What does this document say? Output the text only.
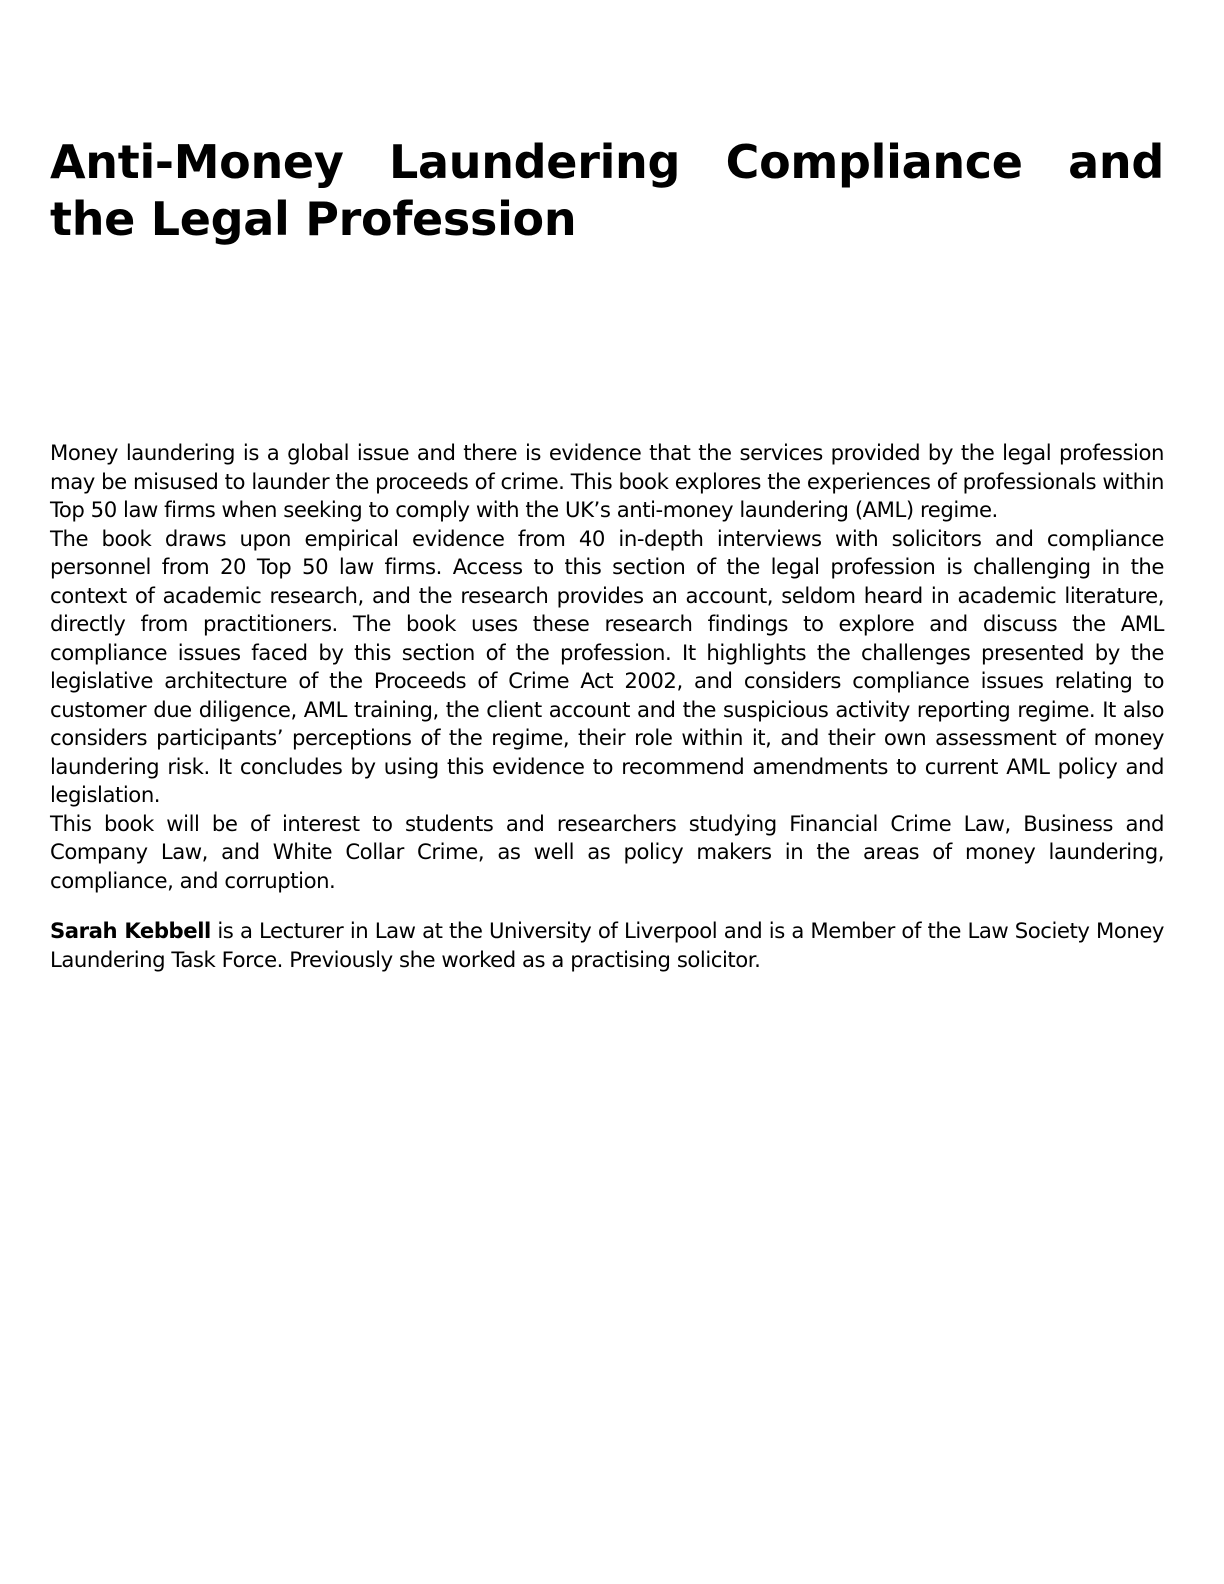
Anti-Money Laundering Compliance and the Legal Profession

Money laundering is a global issue and there is evidence that the services provided by the legal profession may be misused to launder the proceeds of crime. This book explores the experiences of professionals within Top 50 law firms when seeking to comply with the UK’s anti-money laundering (AML) regime.

The book draws upon empirical evidence from 40 in-depth interviews with solicitors and compliance personnel from 20 Top 50 law firms. Access to this section of the legal profession is challenging in the context of academic research, and the research provides an account, seldom heard in academic literature, directly from practitioners. The book uses these research findings to explore and discuss the AML compliance issues faced by this section of the profession. It highlights the challenges presented by the legislative architecture of the Proceeds of Crime Act 2002, and considers compliance issues relating to customer due diligence, AML training, the client account and the suspicious activity reporting regime. It also considers participants’ perceptions of the regime, their role within it, and their own assessment of money laundering risk. It concludes by using this evidence to recommend amendments to current AML policy and legislation.

This book will be of interest to students and researchers studying Financial Crime Law, Business and Company Law, and White Collar Crime, as well as policy makers in the areas of money laundering, compliance, and corruption.

Sarah Kebbell is a Lecturer in Law at the University of Liverpool and is a Member of the Law Society Money Laundering Task Force. Previously she worked as a practising solicitor.
